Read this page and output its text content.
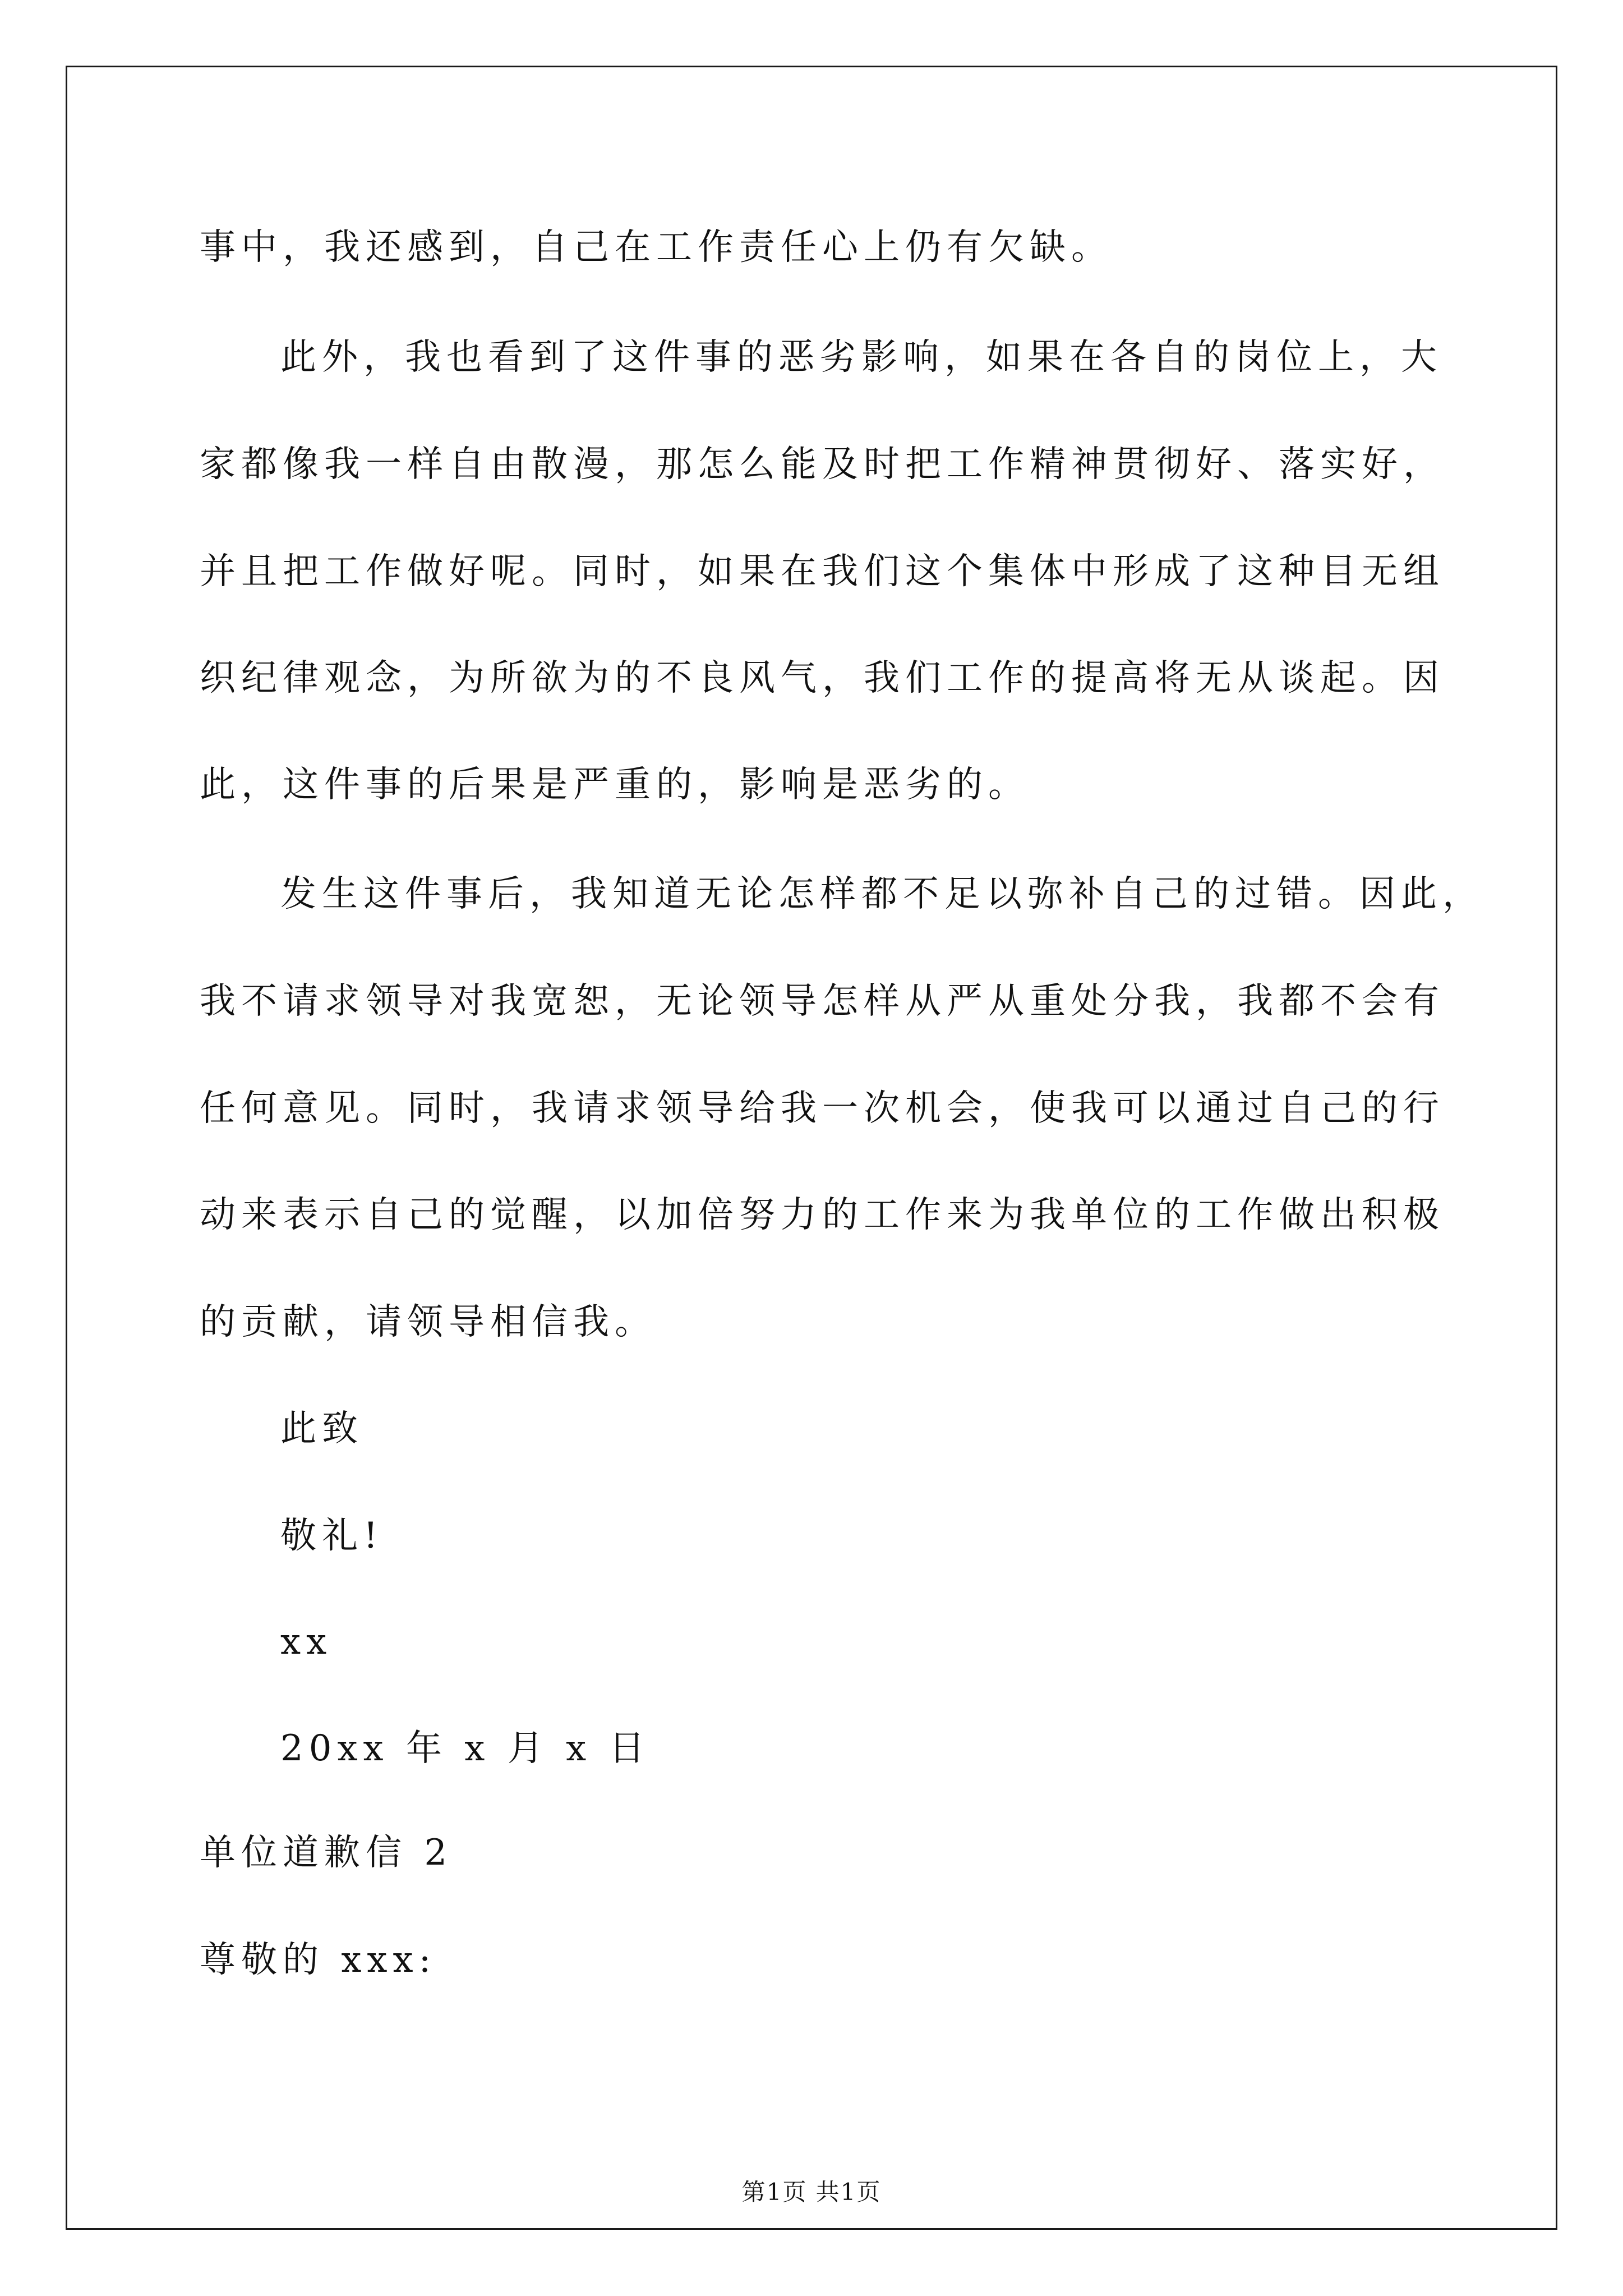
事中，我还感到，自己在工作责任心上仍有欠缺。
此外，我也看到了这件事的恶劣影响，如果在各自的岗位上，大
家都像我一样自由散漫，那怎么能及时把工作精神贯彻好、落实好，
并且把工作做好呢。同时，如果在我们这个集体中形成了这种目无组
织纪律观念，为所欲为的不良风气，我们工作的提高将无从谈起。因
此，这件事的后果是严重的，影响是恶劣的。
发生这件事后，我知道无论怎样都不足以弥补自己的过错。因此，
我不请求领导对我宽恕，无论领导怎样从严从重处分我，我都不会有
任何意见。同时，我请求领导给我一次机会，使我可以通过自己的行
动来表示自己的觉醒，以加倍努力的工作来为我单位的工作做出积极
的贡献，请领导相信我。
此致
敬礼!
xx
20xx 年 x 月 x 日
单位道歉信 2
尊敬的 xxx:
第1页 共1页
